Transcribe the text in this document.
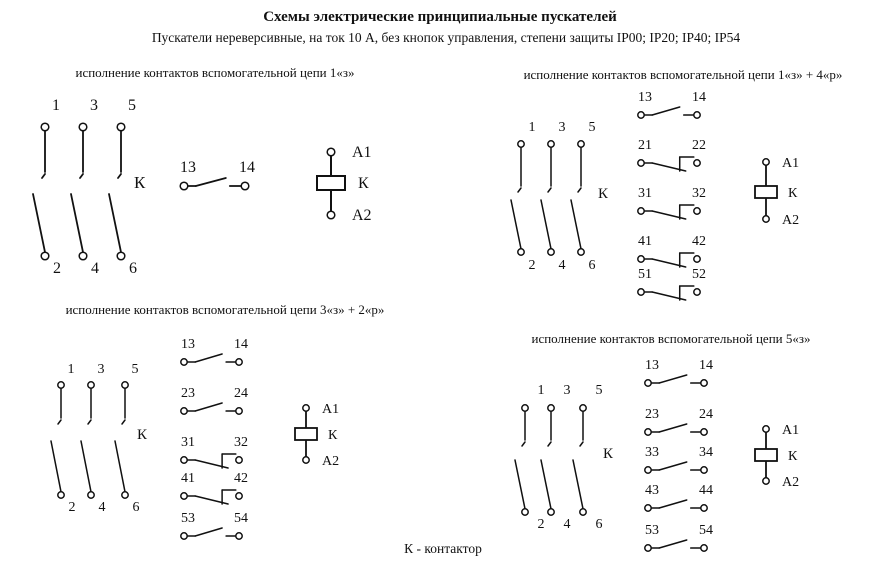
Схемы электрические принципиальные пускателей
Пускатели нереверсивные, на ток 10 А, без кнопок управления, степени защиты IP00; IP20; IP40; IP54
исполнение контактов вспомогательной цепи 1«з»
1
2
3
4
5
6
К
13	14
А1
К
А2
исполнение контактов вспомогательной цепи 1«з» + 4«р»
1
2
3
4
5
6
К
13	14
21	22
31	32
41	42
51	52
А1
К
А2
исполнение контактов вспомогательной цепи 3«з» + 2«р»
1
2
3
4
5
6
К
13	14
23	24
31	32
41	42
53	54
А1
К
А2
исполнение контактов вспомогательной цепи 5«з»
1
2
3
4
5
6
К
13	14
23	24
33	34
43	44
53	54
А1
К
А2
К - контактор
